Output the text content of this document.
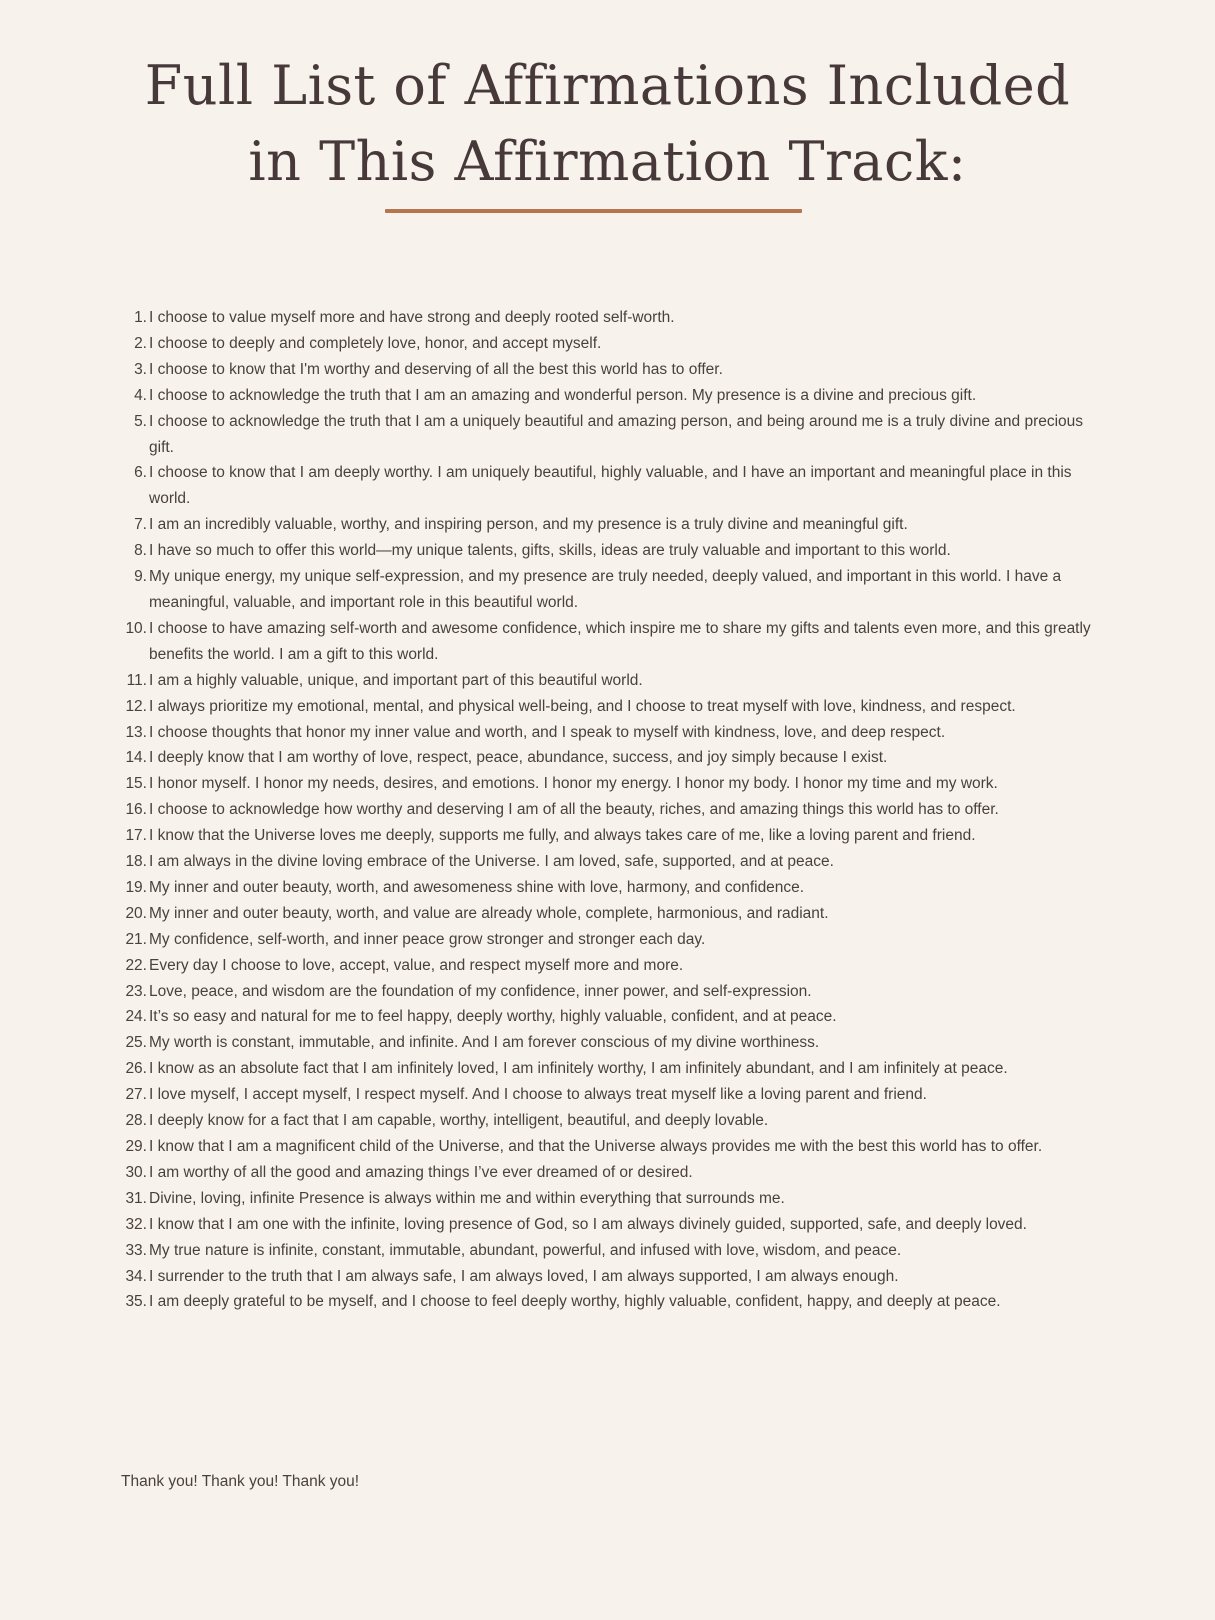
Full List of Affirmations Included
in This Affirmation Track:
1. I choose to value myself more and have strong and deeply rooted self-worth.
2. I choose to deeply and completely love, honor, and accept myself.
3. I choose to know that I'm worthy and deserving of all the best this world has to offer.
4. I choose to acknowledge the truth that I am an amazing and wonderful person. My presence is a divine and precious gift.
5. I choose to acknowledge the truth that I am a uniquely beautiful and amazing person, and being around me is a truly divine and precious gift.
6. I choose to know that I am deeply worthy. I am uniquely beautiful, highly valuable, and I have an important and meaningful place in this world.
7. I am an incredibly valuable, worthy, and inspiring person, and my presence is a truly divine and meaningful gift.
8. I have so much to offer this world—my unique talents, gifts, skills, ideas are truly valuable and important to this world.
9. My unique energy, my unique self-expression, and my presence are truly needed, deeply valued, and important in this world. I have a meaningful, valuable, and important role in this beautiful world.
10. I choose to have amazing self-worth and awesome confidence, which inspire me to share my gifts and talents even more, and this greatly benefits the world. I am a gift to this world.
11. I am a highly valuable, unique, and important part of this beautiful world.
12. I always prioritize my emotional, mental, and physical well-being, and I choose to treat myself with love, kindness, and respect.
13. I choose thoughts that honor my inner value and worth, and I speak to myself with kindness, love, and deep respect.
14. I deeply know that I am worthy of love, respect, peace, abundance, success, and joy simply because I exist.
15. I honor myself. I honor my needs, desires, and emotions. I honor my energy. I honor my body. I honor my time and my work.
16. I choose to acknowledge how worthy and deserving I am of all the beauty, riches, and amazing things this world has to offer.
17. I know that the Universe loves me deeply, supports me fully, and always takes care of me, like a loving parent and friend.
18. I am always in the divine loving embrace of the Universe. I am loved, safe, supported, and at peace.
19. My inner and outer beauty, worth, and awesomeness shine with love, harmony, and confidence.
20. My inner and outer beauty, worth, and value are already whole, complete, harmonious, and radiant.
21. My confidence, self-worth, and inner peace grow stronger and stronger each day.
22. Every day I choose to love, accept, value, and respect myself more and more.
23. Love, peace, and wisdom are the foundation of my confidence, inner power, and self-expression.
24. It’s so easy and natural for me to feel happy, deeply worthy, highly valuable, confident, and at peace.
25. My worth is constant, immutable, and infinite. And I am forever conscious of my divine worthiness.
26. I know as an absolute fact that I am infinitely loved, I am infinitely worthy, I am infinitely abundant, and I am infinitely at peace.
27. I love myself, I accept myself, I respect myself. And I choose to always treat myself like a loving parent and friend.
28. I deeply know for a fact that I am capable, worthy, intelligent, beautiful, and deeply lovable.
29. I know that I am a magnificent child of the Universe, and that the Universe always provides me with the best this world has to offer.
30. I am worthy of all the good and amazing things I’ve ever dreamed of or desired.
31. Divine, loving, infinite Presence is always within me and within everything that surrounds me.
32. I know that I am one with the infinite, loving presence of God, so I am always divinely guided, supported, safe, and deeply loved.
33. My true nature is infinite, constant, immutable, abundant, powerful, and infused with love, wisdom, and peace.
34. I surrender to the truth that I am always safe, I am always loved, I am always supported, I am always enough.
35. I am deeply grateful to be myself, and I choose to feel deeply worthy, highly valuable, confident, happy, and deeply at peace.

Thank you! Thank you! Thank you!
